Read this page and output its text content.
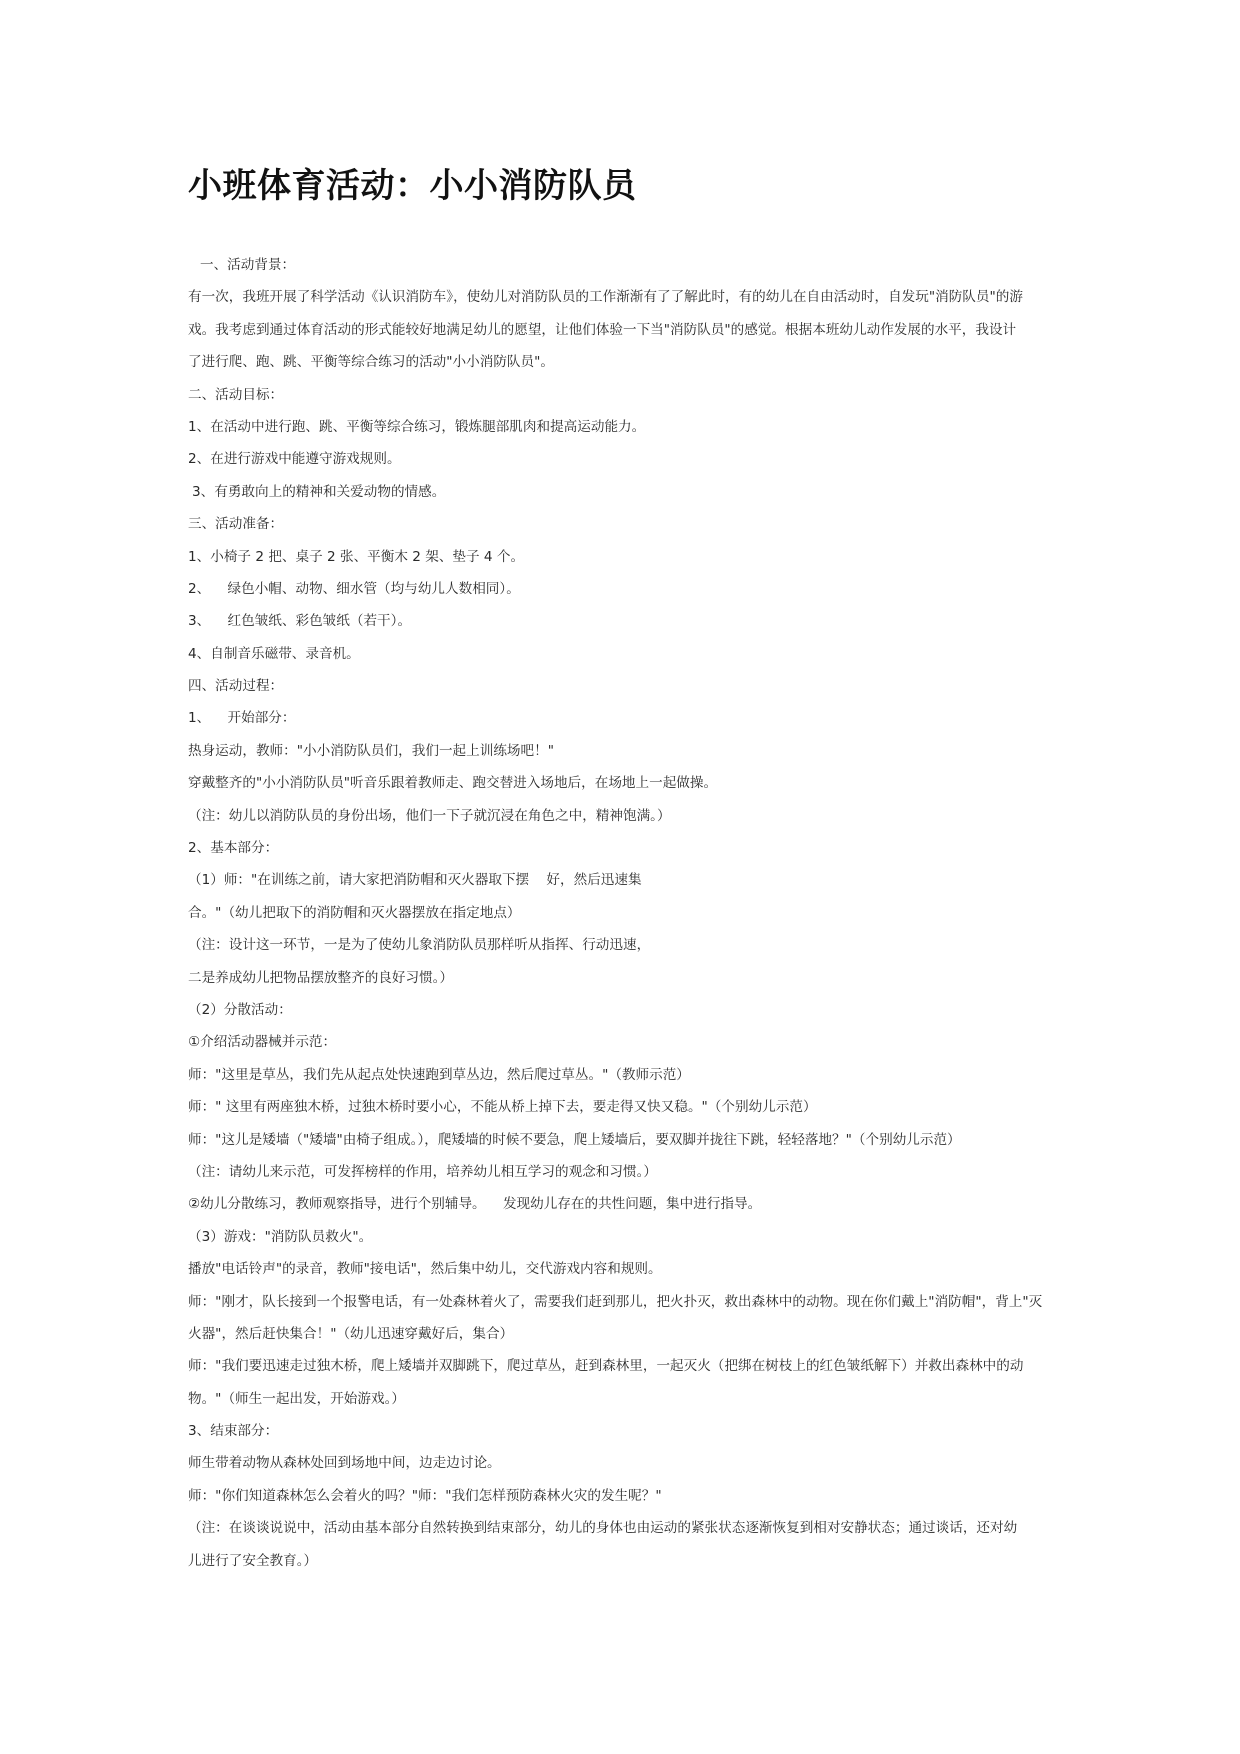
小班体育活动：小小消防队员
一、活动背景：
有一次，我班开展了科学活动《认识消防车》，使幼儿对消防队员的工作渐渐有了了解此时，有的幼儿在自由活动时，自发玩"消防队员"的游
戏。我考虑到通过体育活动的形式能较好地满足幼儿的愿望，让他们体验一下当"消防队员"的感觉。根据本班幼儿动作发展的水平，我设计
了进行爬、跑、跳、平衡等综合练习的活动"小小消防队员"。
二、活动目标：
1、在活动中进行跑、跳、平衡等综合练习，锻炼腿部肌肉和提高运动能力。
2、在进行游戏中能遵守游戏规则。
3、有勇敢向上的精神和关爱动物的情感。
三、活动准备：
1、小椅子 2 把、桌子 2 张、平衡木 2 架、垫子 4 个。
2、    绿色小帽、动物、细水管（均与幼儿人数相同）。
3、    红色皱纸、彩色皱纸（若干）。
4、自制音乐磁带、录音机。
四、活动过程：
1、    开始部分：
热身运动，教师："小小消防队员们，我们一起上训练场吧！"
穿戴整齐的"小小消防队员"听音乐跟着教师走、跑交替进入场地后，在场地上一起做操。
（注：幼儿以消防队员的身份出场，他们一下子就沉浸在角色之中，精神饱满。）
2、基本部分：
（1）师："在训练之前，请大家把消防帽和灭火器取下摆    好，然后迅速集
合。"（幼儿把取下的消防帽和灭火器摆放在指定地点）
（注：设计这一环节，一是为了使幼儿象消防队员那样听从指挥、行动迅速，
二是养成幼儿把物品摆放整齐的良好习惯。）
（2）分散活动：
①介绍活动器械并示范：
师："这里是草丛，我们先从起点处快速跑到草丛边，然后爬过草丛。"（教师示范）
师：" 这里有两座独木桥，过独木桥时要小心，不能从桥上掉下去，要走得又快又稳。"（个别幼儿示范）
师："这儿是矮墙（"矮墙"由椅子组成。），爬矮墙的时候不要急，爬上矮墙后，要双脚并拢往下跳，轻轻落地？"（个别幼儿示范）
（注：请幼儿来示范，可发挥榜样的作用，培养幼儿相互学习的观念和习惯。）
②幼儿分散练习，教师观察指导，进行个别辅导。    发现幼儿存在的共性问题，集中进行指导。
（3）游戏："消防队员救火"。
播放"电话铃声"的录音，教师"接电话"，然后集中幼儿，交代游戏内容和规则。
师："刚才，队长接到一个报警电话，有一处森林着火了，需要我们赶到那儿，把火扑灭，救出森林中的动物。现在你们戴上"消防帽"，背上"灭
火器"，然后赶快集合！"（幼儿迅速穿戴好后，集合）
师："我们要迅速走过独木桥，爬上矮墙并双脚跳下，爬过草丛，赶到森林里，一起灭火（把绑在树枝上的红色皱纸解下）并救出森林中的动
物。"（师生一起出发，开始游戏。）
3、结束部分：
师生带着动物从森林处回到场地中间，边走边讨论。
师："你们知道森林怎么会着火的吗？"师："我们怎样预防森林火灾的发生呢？"
（注：在谈谈说说中，活动由基本部分自然转换到结束部分，幼儿的身体也由运动的紧张状态逐渐恢复到相对安静状态；通过谈话，还对幼
儿进行了安全教育。）
